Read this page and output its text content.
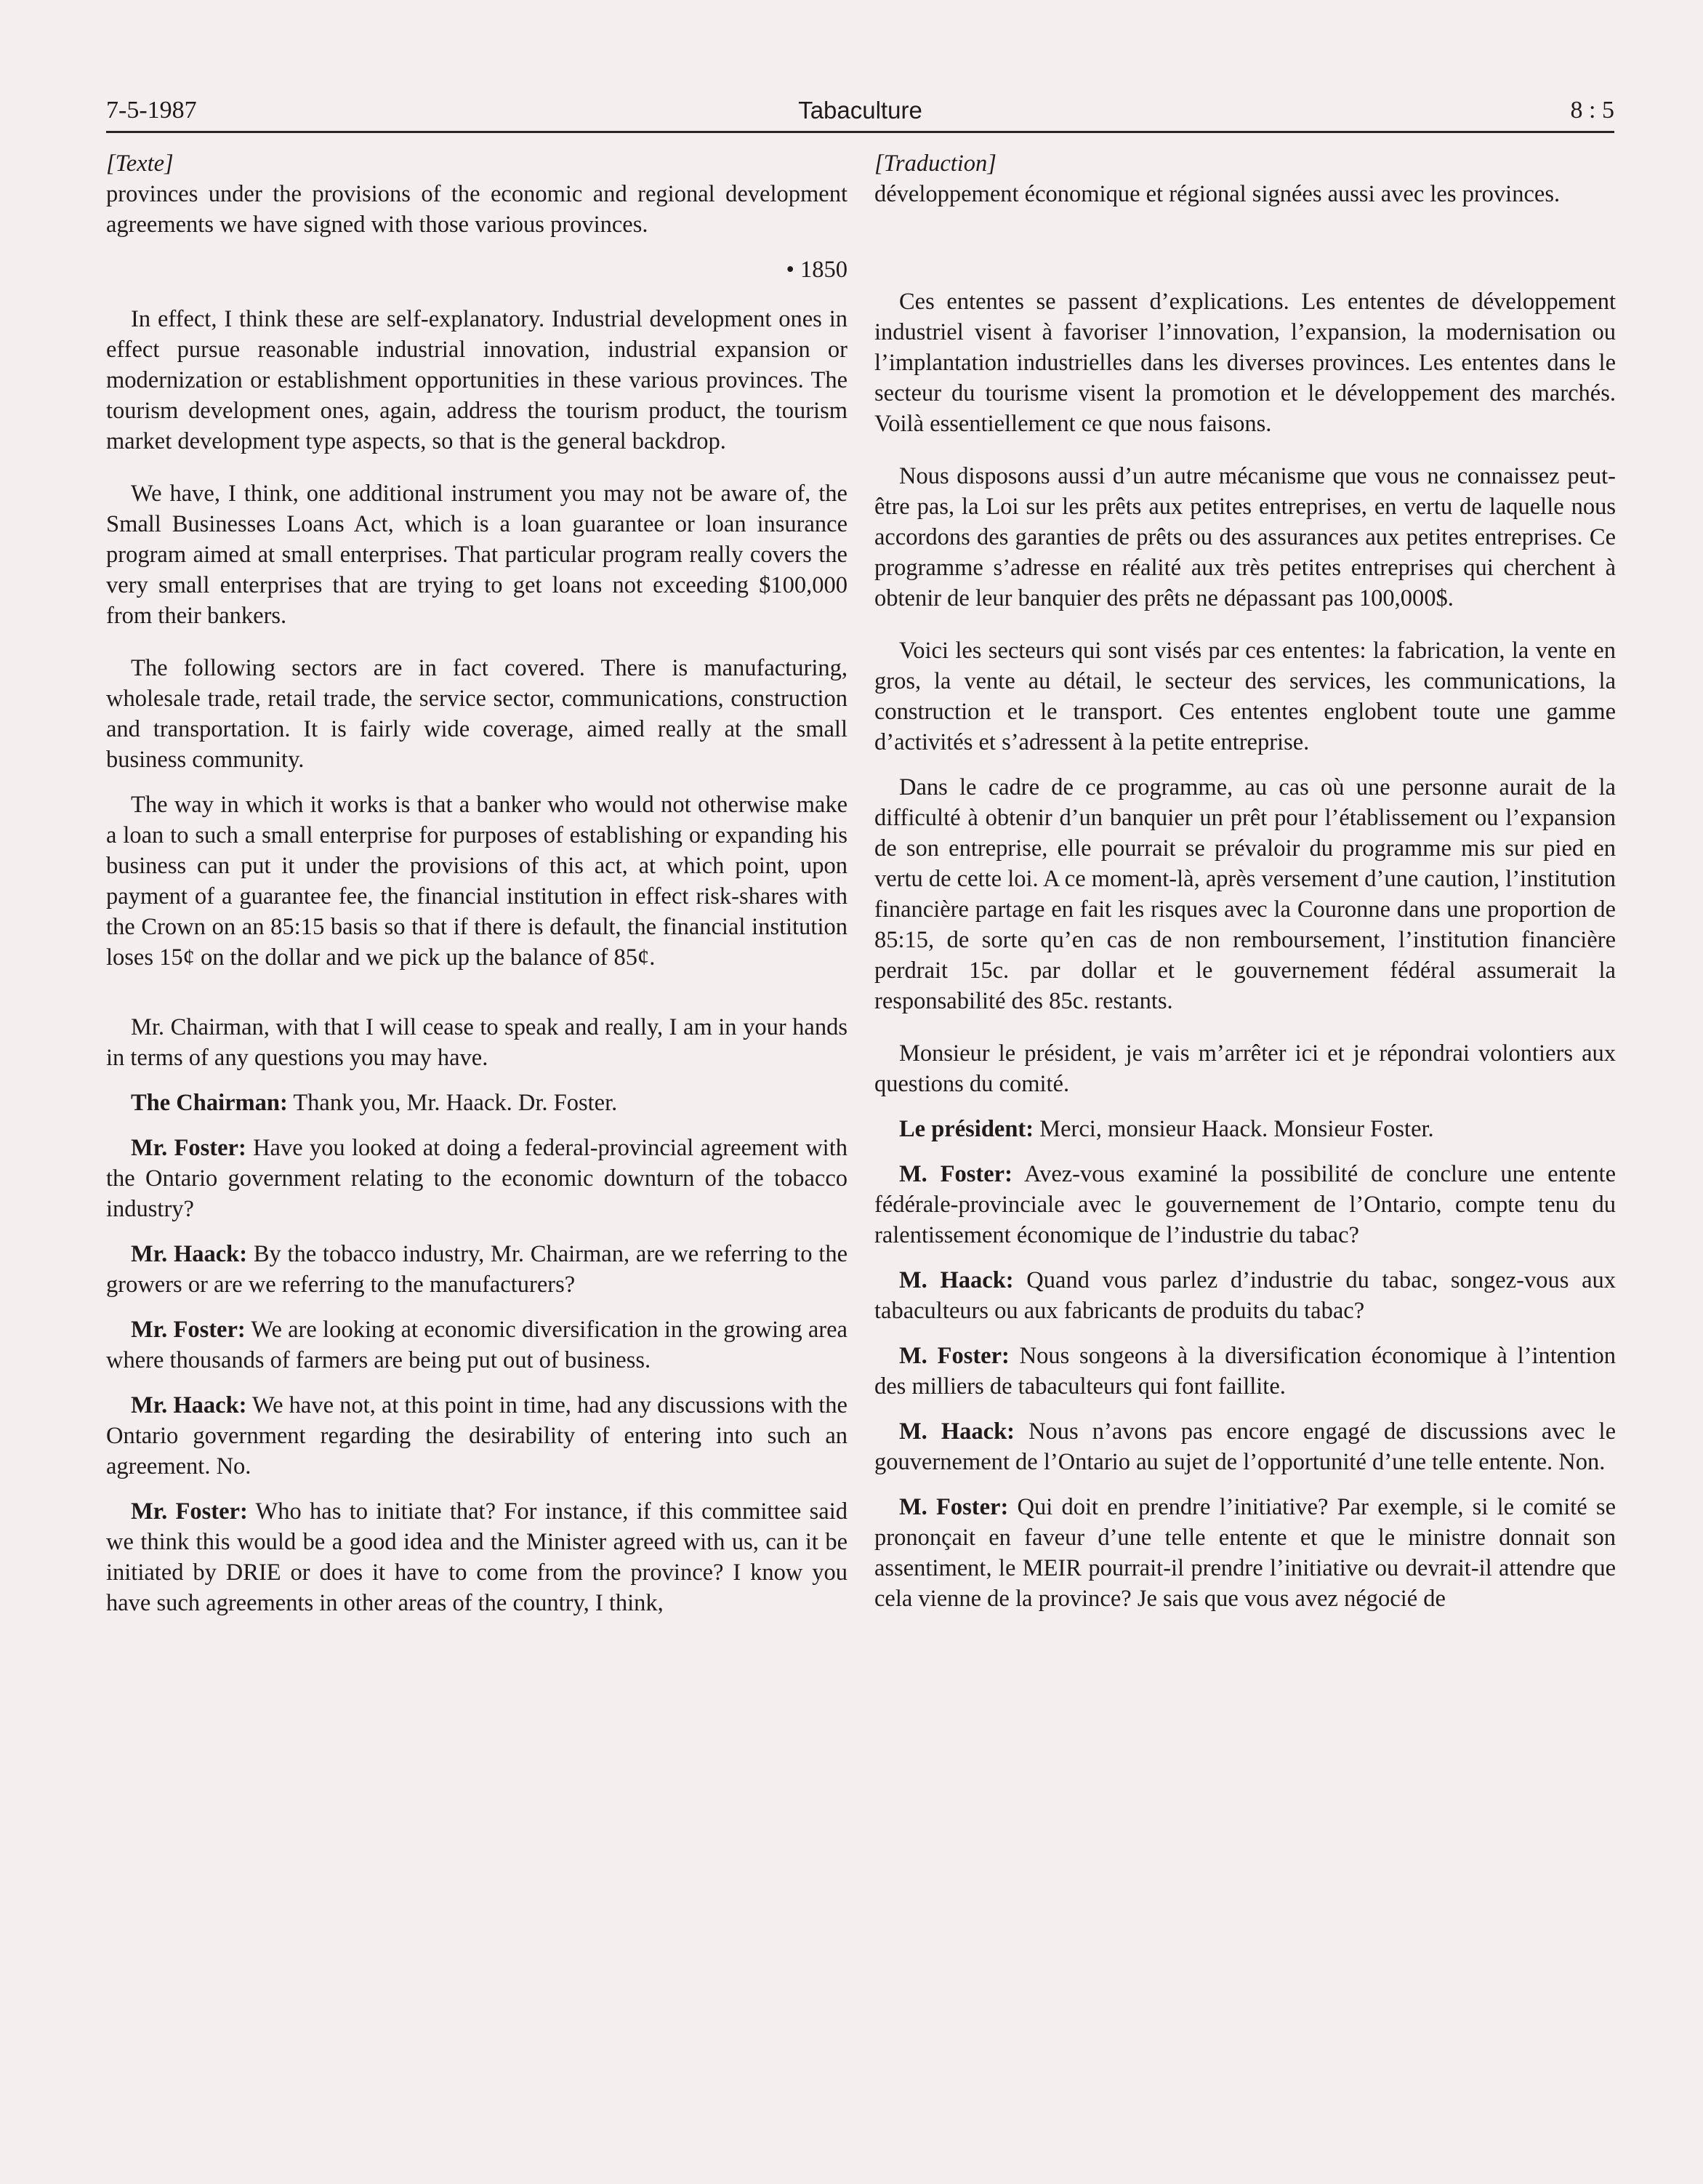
7-5-1987	Tabaculture	8 : 5
[Texte]

provinces under the provisions of the economic and regional development agreements we have signed with those various provinces.

• 1850

In effect, I think these are self-explanatory. Industrial development ones in effect pursue reasonable industrial innovation, industrial expansion or modernization or establishment opportunities in these various provinces. The tourism development ones, again, address the tourism product, the tourism market development type aspects, so that is the general backdrop.

We have, I think, one additional instrument you may not be aware of, the Small Businesses Loans Act, which is a loan guarantee or loan insurance program aimed at small enterprises. That particular program really covers the very small enterprises that are trying to get loans not exceeding $100,000 from their bankers.

The following sectors are in fact covered. There is manufacturing, wholesale trade, retail trade, the service sector, communications, construction and transportation. It is fairly wide coverage, aimed really at the small business community.

The way in which it works is that a banker who would not otherwise make a loan to such a small enterprise for purposes of establishing or expanding his business can put it under the provisions of this act, at which point, upon payment of a guarantee fee, the financial institution in effect risk-shares with the Crown on an 85:15 basis so that if there is default, the financial institution loses 15¢ on the dollar and we pick up the balance of 85¢.

Mr. Chairman, with that I will cease to speak and really, I am in your hands in terms of any questions you may have.

The Chairman: Thank you, Mr. Haack. Dr. Foster.

Mr. Foster: Have you looked at doing a federal-provincial agreement with the Ontario government relating to the economic downturn of the tobacco industry?

Mr. Haack: By the tobacco industry, Mr. Chairman, are we referring to the growers or are we referring to the manufacturers?

Mr. Foster: We are looking at economic diversification in the growing area where thousands of farmers are being put out of business.

Mr. Haack: We have not, at this point in time, had any discussions with the Ontario government regarding the desirability of entering into such an agreement. No.

Mr. Foster: Who has to initiate that? For instance, if this committee said we think this would be a good idea and the Minister agreed with us, can it be initiated by DRIE or does it have to come from the province? I know you have such agreements in other areas of the country, I think,

[Traduction]

développement économique et régional signées aussi avec les provinces.

Ces ententes se passent d’explications. Les ententes de développement industriel visent à favoriser l’innovation, l’expansion, la modernisation ou l’implantation industrielles dans les diverses provinces. Les ententes dans le secteur du tourisme visent la promotion et le développement des marchés. Voilà essentiellement ce que nous faisons.

Nous disposons aussi d’un autre mécanisme que vous ne connaissez peut-être pas, la Loi sur les prêts aux petites entreprises, en vertu de laquelle nous accordons des garanties de prêts ou des assurances aux petites entreprises. Ce programme s’adresse en réalité aux très petites entreprises qui cherchent à obtenir de leur banquier des prêts ne dépassant pas 100,000$.

Voici les secteurs qui sont visés par ces ententes: la fabrication, la vente en gros, la vente au détail, le secteur des services, les communications, la construction et le transport. Ces ententes englobent toute une gamme d’activités et s’adressent à la petite entreprise.

Dans le cadre de ce programme, au cas où une personne aurait de la difficulté à obtenir d’un banquier un prêt pour l’établissement ou l’expansion de son entreprise, elle pourrait se prévaloir du programme mis sur pied en vertu de cette loi. A ce moment-là, après versement d’une caution, l’institution financière partage en fait les risques avec la Couronne dans une proportion de 85:15, de sorte qu’en cas de non remboursement, l’institution financière perdrait 15c. par dollar et le gouvernement fédéral assumerait la responsabilité des 85c. restants.

Monsieur le président, je vais m’arrêter ici et je répondrai volontiers aux questions du comité.

Le président: Merci, monsieur Haack. Monsieur Foster.

M. Foster: Avez-vous examiné la possibilité de conclure une entente fédérale-provinciale avec le gouvernement de l’Ontario, compte tenu du ralentissement économique de l’industrie du tabac?

M. Haack: Quand vous parlez d’industrie du tabac, songez-vous aux tabaculteurs ou aux fabricants de produits du tabac?

M. Foster: Nous songeons à la diversification économique à l’intention des milliers de tabaculteurs qui font faillite.

M. Haack: Nous n’avons pas encore engagé de discussions avec le gouvernement de l’Ontario au sujet de l’opportunité d’une telle entente. Non.

M. Foster: Qui doit en prendre l’initiative? Par exemple, si le comité se prononçait en faveur d’une telle entente et que le ministre donnait son assentiment, le MEIR pourrait-il prendre l’initiative ou devrait-il attendre que cela vienne de la province? Je sais que vous avez négocié de
